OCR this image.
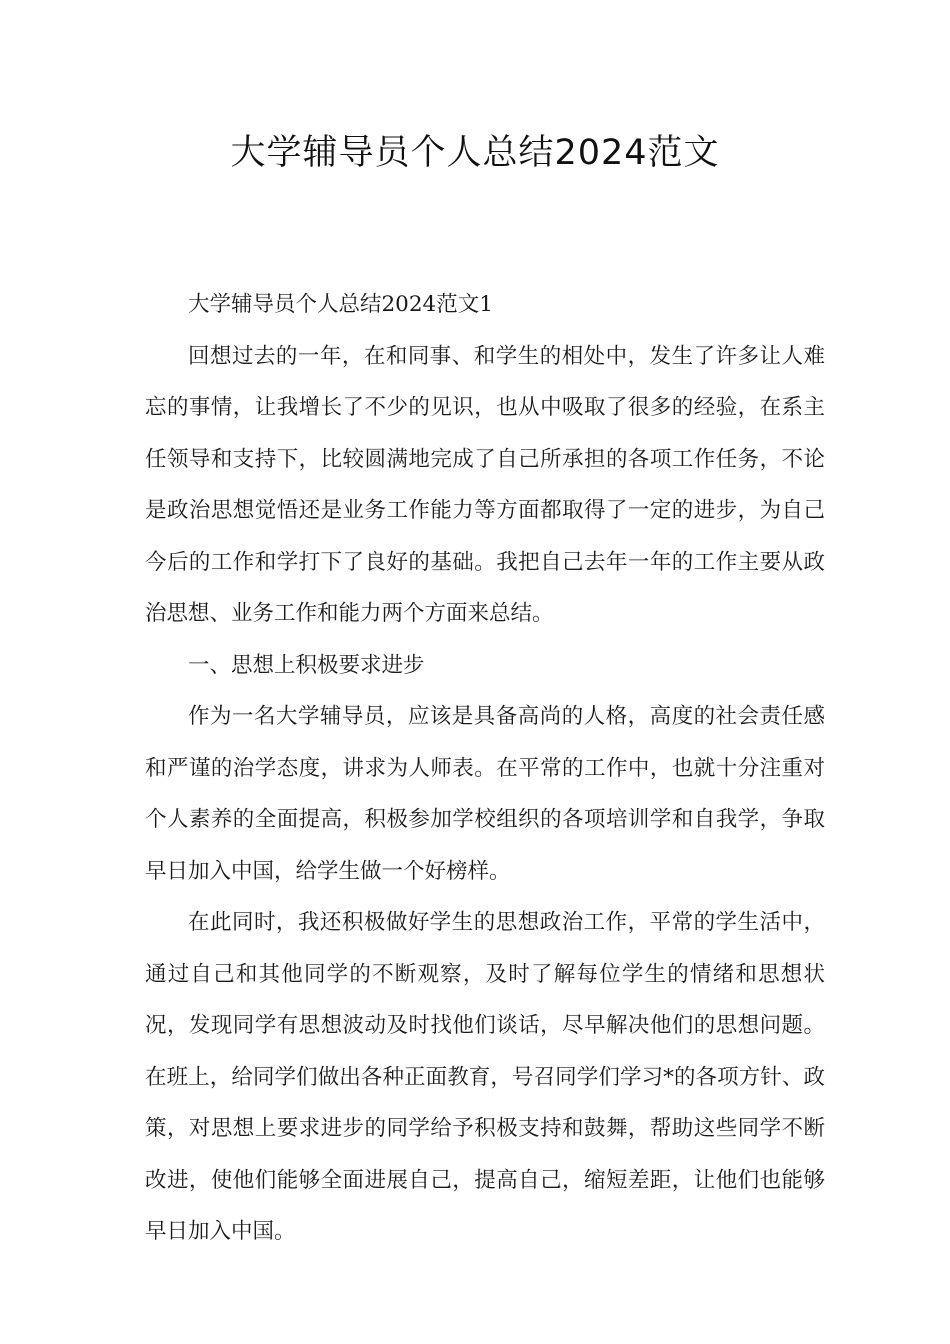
大学辅导员个人总结2024范文

大学辅导员个人总结2024范文1

回想过去的一年，在和同事、和学生的相处中，发生了许多让人难忘的事情，让我增长了不少的见识，也从中吸取了很多的经验，在系主任领导和支持下，比较圆满地完成了自己所承担的各项工作任务，不论是政治思想觉悟还是业务工作能力等方面都取得了一定的进步，为自己今后的工作和学打下了良好的基础。我把自己去年一年的工作主要从政治思想、业务工作和能力两个方面来总结。

一、思想上积极要求进步

作为一名大学辅导员，应该是具备高尚的人格，高度的社会责任感和严谨的治学态度，讲求为人师表。在平常的工作中，也就十分注重对个人素养的全面提高，积极参加学校组织的各项培训学和自我学，争取早日加入中国，给学生做一个好榜样。

在此同时，我还积极做好学生的思想政治工作，平常的学生活中，通过自己和其他同学的不断观察，及时了解每位学生的情绪和思想状况，发现同学有思想波动及时找他们谈话，尽早解决他们的思想问题。在班上，给同学们做出各种正面教育，号召同学们学习*的各项方针、政策，对思想上要求进步的同学给予积极支持和鼓舞，帮助这些同学不断改进，使他们能够全面进展自己，提高自己，缩短差距，让他们也能够早日加入中国。
